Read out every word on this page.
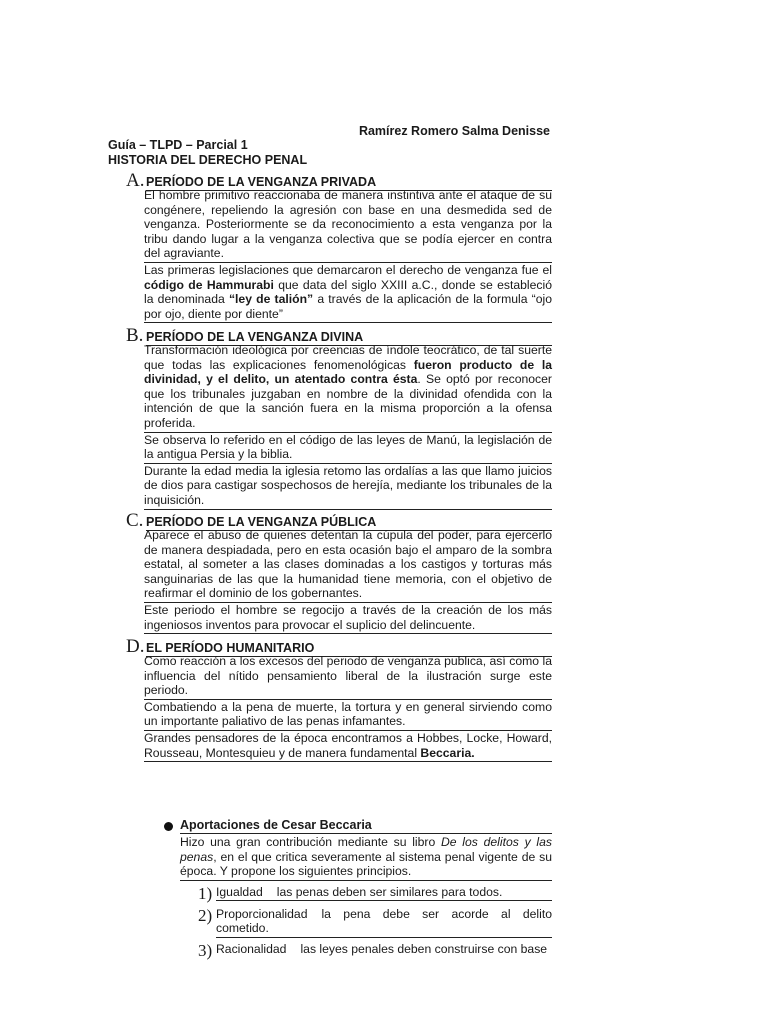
Ramírez Romero Salma Denisse
Guía – TLPD – Parcial 1
HISTORIA DEL DERECHO PENAL
A. PERÍODO DE LA VENGANZA PRIVADA
El hombre primitivo reaccionaba de manera instintiva ante el ataque de su congénere, repeliendo la agresión con base en una desmedida sed de venganza. Posteriormente se da reconocimiento a esta venganza por la tribu dando lugar a la venganza colectiva que se podía ejercer en contra del agraviante.
Las primeras legislaciones que demarcaron el derecho de venganza fue el código de Hammurabi que data del siglo XXIII a.C., donde se estableció la denominada “ley de talión” a través de la aplicación de la formula “ojo por ojo, diente por diente”
B. PERÍODO DE LA VENGANZA DIVINA
Transformación ideológica por creencias de índole teocrático, de tal suerte que todas las explicaciones fenomenológicas fueron producto de la divinidad, y el delito, un atentado contra ésta. Se optó por reconocer que los tribunales juzgaban en nombre de la divinidad ofendida con la intención de que la sanción fuera en la misma proporción a la ofensa proferida.
Se observa lo referido en el código de las leyes de Manú, la legislación de la antigua Persia y la biblia.
Durante la edad media la iglesia retomo las ordalías a las que llamo juicios de dios para castigar sospechosos de herejía, mediante los tribunales de la inquisición.
C. PERÍODO DE LA VENGANZA PÚBLICA
Aparece el abuso de quienes detentan la cúpula del poder, para ejercerlo de manera despiadada, pero en esta ocasión bajo el amparo de la sombra estatal, al someter a las clases dominadas a los castigos y torturas más sanguinarias de las que la humanidad tiene memoria, con el objetivo de reafirmar el dominio de los gobernantes.
Este periodo el hombre se regocijo a través de la creación de los más ingeniosos inventos para provocar el suplicio del delincuente.
D. EL PERÍODO HUMANITARIO
Como reacción a los excesos del periodo de venganza publica, así como la influencia del nítido pensamiento liberal de la ilustración surge este periodo.
Combatiendo a la pena de muerte, la tortura y en general sirviendo como un importante paliativo de las penas infamantes.
Grandes pensadores de la época encontramos a Hobbes, Locke, Howard, Rousseau, Montesquieu y de manera fundamental Beccaria.
Aportaciones de Cesar Beccaria
Hizo una gran contribución mediante su libro De los delitos y las penas, en el que critica severamente al sistema penal vigente de su época. Y propone los siguientes principios.
1) Igualdad las penas deben ser similares para todos.
2) Proporcionalidad la pena debe ser acorde al delito cometido.
3) Racionalidad las leyes penales deben construirse con base
